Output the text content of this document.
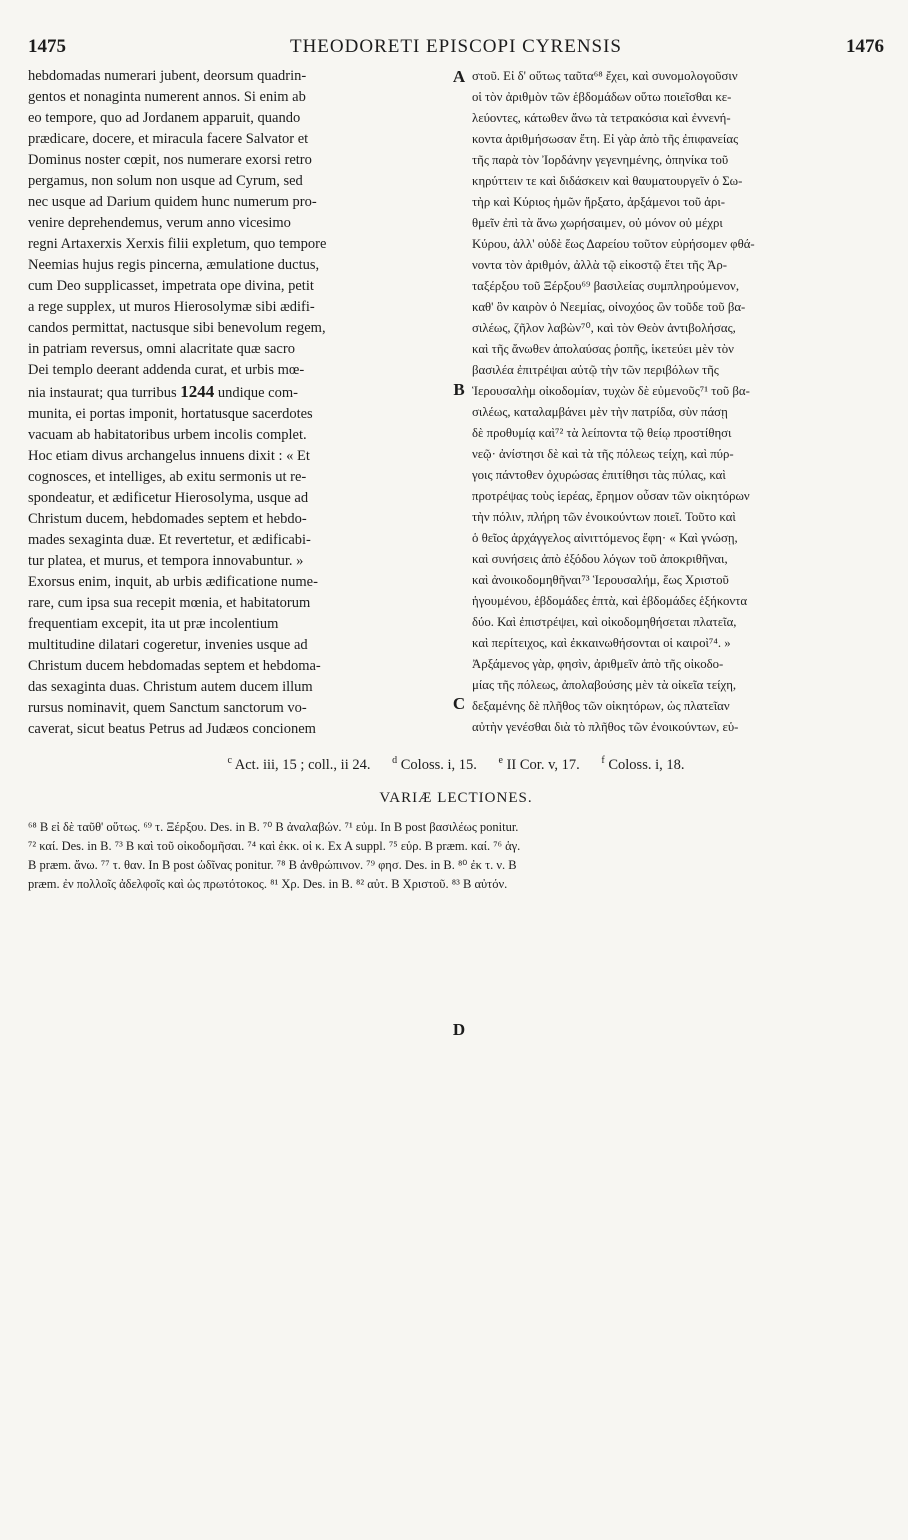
1475	THEODORETI EPISCOPI CYRENSIS	1476
hebdomadas numerari jubent, deorsum quadrin-
gentos et nonaginta numerent annos. Si enim ab
eo tempore, quo ad Jordanem apparuit, quando
prædicare, docere, et miracula facere Salvator et
Dominus noster cœpit, nos numerare exorsi retro
pergamus, non solum non usque ad Cyrum, sed
nec usque ad Darium quidem hunc numerum pro-
venire deprehendemus, verum anno vicesimo
regni Artaxerxis Xerxis filii expletum, quo tempore
Neemias hujus regis pincerna, æmulatione ductus,
cum Deo supplicasset, impetrata ope divina, petit
a rege supplex, ut muros Hierosolymæ sibi ædifi-
candos permittat, nactusque sibi benevolum regem,
in patriam reversus, omni alacritate quæ sacro
Dei templo deerant addenda curat, et urbis mœ-
nia instaurat; qua turribus 1244 undique com-
munita, ei portas imponit, hortatusque sacerdotes
vacuam ab habitatoribus urbem incolis complet.
Hoc etiam divus archangelus innuens dixit : « Et
cognosces, et intelliges, ab exitu sermonis ut re-
spondeatur, et ædificetur Hierosolyma, usque ad
Christum ducem, hebdomades septem et hebdo-
mades sexaginta duæ. Et revertetur, et ædificabi-
tur platea, et murus, et tempora innovabuntur. »
Exorsus enim, inquit, ab urbis ædificatione nume-
rare, cum ipsa sua recepit mœnia, et habitatorum
frequentiam excepit, ita ut præ incolentium
multitudine dilatari cogeretur, invenies usque ad
Christum ducem hebdomadas septem et hebdoma-
das sexaginta duas. Christum autem ducem illum
rursus nominavit, quem Sanctum sanctorum vo-
caverat, sicut beatus Petrus ad Judæos concionem
A
B
C
στοῦ. Εἰ δ' οὕτως ταῦτα⁶⁸ ἔχει, καὶ συνομολογοῦσιν
οἱ τὸν ἀριθμὸν τῶν ἑβδομάδων οὕτω ποιεῖσθαι κε-
λεύοντες, κάτωθεν ἄνω τὰ τετρακόσια καὶ ἐννενή-
κοντα ἀριθμήσωσαν ἔτη. Εἰ γὰρ ἀπὸ τῆς ἐπιφανείας
τῆς παρὰ τὸν Ἰορδάνην γεγενημένης, ὁπηνίκα τοῦ
κηρύττειν τε καὶ διδάσκειν καὶ θαυματουργεῖν ὁ Σω-
τὴρ καὶ Κύριος ἡμῶν ἤρξατο, ἀρξάμενοι τοῦ ἀρι-
θμεῖν ἐπὶ τὰ ἄνω χωρήσαιμεν, οὐ μόνον οὐ μέχρι
Κύρου, ἀλλ' οὐδὲ ἕως Δαρείου τοῦτον εὑρήσομεν φθά-
νοντα τὸν ἀριθμόν, ἀλλὰ τῷ εἰκοστῷ ἔτει τῆς Ἀρ-
ταξέρξου τοῦ Ξέρξου⁶⁹ βασιλείας συμπληρούμενον,
καθ' ὃν καιρὸν ὁ Νεεμίας, οἰνοχόος ὢν τοῦδε τοῦ βα-
σιλέως, ζῆλον λαβὼν⁷⁰, καὶ τὸν Θεὸν ἀντιβολήσας,
καὶ τῆς ἄνωθεν ἀπολαύσας ῥοπῆς, ἱκετεύει μὲν τὸν
βασιλέα ἐπιτρέψαι αὐτῷ τὴν τῶν περιβόλων τῆς
Ἱερουσαλὴμ οἰκοδομίαν, τυχὼν δὲ εὐμενοῦς⁷¹ τοῦ βα-
σιλέως, καταλαμβάνει μὲν τὴν πατρίδα, σὺν πάσῃ
δὲ προθυμίᾳ καὶ⁷² τὰ λείποντα τῷ θείῳ προστίθησι
νεῷ· ἀνίστησι δὲ καὶ τὰ τῆς πόλεως τείχη, καὶ πύρ-
γοις πάντοθεν ὀχυρώσας ἐπιτίθησι τὰς πύλας, καὶ
προτρέψας τοὺς ἱερέας, ἔρημον οὖσαν τῶν οἰκητόρων
τὴν πόλιν, πλήρη τῶν ἐνοικούντων ποιεῖ. Τοῦτο καὶ
ὁ θεῖος ἀρχάγγελος αἰνιττόμενος ἔφη· « Καὶ γνώσῃ,
καὶ συνήσεις ἀπὸ ἐξόδου λόγων τοῦ ἀποκριθῆναι,
καὶ ἀνοικοδομηθῆναι⁷³ Ἱερουσαλήμ, ἕως Χριστοῦ
ἡγουμένου, ἑβδομάδες ἑπτὰ, καὶ ἑβδομάδες ἑξήκοντα
δύο. Καὶ ἐπιστρέψει, καὶ οἰκοδομηθήσεται πλατεῖα,
καὶ περίτειχος, καὶ ἐκκαινωθήσονται οἱ καιροὶ⁷⁴. »
Ἀρξάμενος γὰρ, φησὶν, ἀριθμεῖν ἀπὸ τῆς οἰκοδο-
μίας τῆς πόλεως, ἀπολαβούσης μὲν τὰ οἰκεῖα τείχη,
δεξαμένης δὲ πλῆθος τῶν οἰκητόρων, ὡς πλατεῖαν
αὐτὴν γενέσθαι διὰ τὸ πλῆθος τῶν ἐνοικούντων, εὑ-
D
$^c$ Act. iii, 15 ; coll., ii 24. $^d$ Coloss. i, 15. $^e$ II Cor. v, 17. $^f$ Coloss. i, 18.
VARIÆ LECTIONES.
⁶⁸ B εἰ δὲ ταῦθ' οὕτως. ⁶⁹ τ. Ξέρξου. Des. in B. ⁷⁰ B ἀναλαβών. ⁷¹ εὐμ. In B post βασιλέως ponitur.
⁷² καί. Des. in B. ⁷³ B καὶ τοῦ οἰκοδομῆσαι. ⁷⁴ καὶ ἐκκ. οἱ κ. Ex A suppl. ⁷⁵ εὑρ. B præm. καί. ⁷⁶ ἁγ.
B præm. ἄνω. ⁷⁷ τ. θαν. In B post ὠδῖνας ponitur. ⁷⁸ B ἀνθρώπινον. ⁷⁹ φησ. Des. in B. ⁸⁰ ἐκ τ. ν. B
præm. ἐν πολλοῖς ἀδελφοῖς καὶ ὡς πρωτότοκος. ⁸¹ Χρ. Des. in B. ⁸² αὐτ. B Χριστοῦ. ⁸³ B αὐτόν.
